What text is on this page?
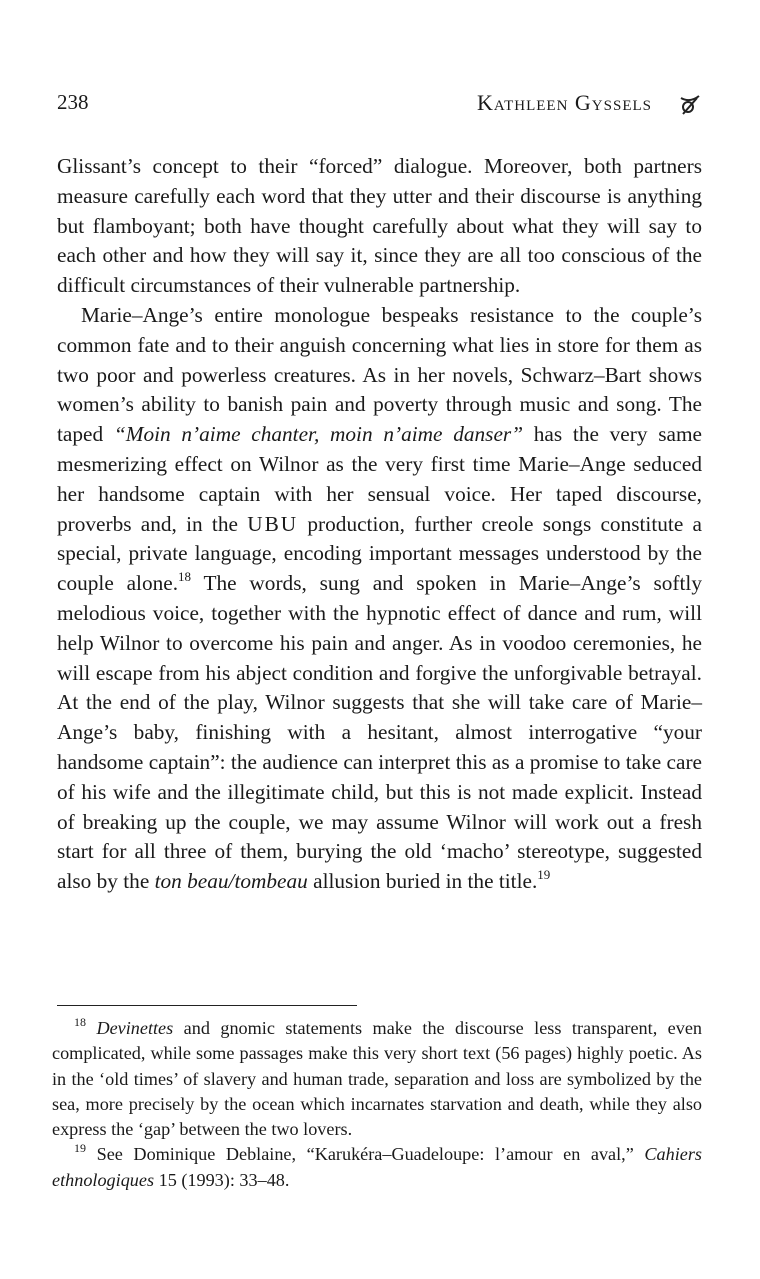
238	Kathleen Gyssels

Glissant’s concept to their “forced” dialogue. Moreover, both partners measure carefully each word that they utter and their discourse is anything but flamboyant; both have thought carefully about what they will say to each other and how they will say it, since they are all too conscious of the difficult circumstances of their vulnerable partnership.

Marie–Ange’s entire monologue bespeaks resistance to the couple’s common fate and to their anguish concerning what lies in store for them as two poor and powerless creatures. As in her novels, Schwarz–Bart shows women’s ability to banish pain and poverty through music and song. The taped “Moin n’aime chanter, moin n’aime danser” has the very same mesmerizing effect on Wilnor as the very first time Marie–Ange seduced her handsome captain with her sensual voice. Her taped discourse, proverbs and, in the UBU production, further creole songs constitute a special, private language, encoding important messages understood by the couple alone.$^{18}$ The words, sung and spoken in Marie–Ange’s softly melodious voice, together with the hypnotic effect of dance and rum, will help Wilnor to overcome his pain and anger. As in voodoo ceremonies, he will escape from his abject condition and forgive the unforgivable betrayal. At the end of the play, Wilnor suggests that she will take care of Marie–Ange’s baby, finishing with a hesitant, almost interrogative “your handsome captain”: the audience can interpret this as a promise to take care of his wife and the illegitimate child, but this is not made explicit. Instead of breaking up the couple, we may assume Wilnor will work out a fresh start for all three of them, burying the old ‘macho’ stereotype, suggested also by the ton beau/tombeau allusion buried in the title.$^{19}$

$^{18}$ Devinettes and gnomic statements make the discourse less transparent, even complicated, while some passages make this very short text (56 pages) highly poetic. As in the ‘old times’ of slavery and human trade, separation and loss are symbolized by the sea, more precisely by the ocean which incarnates starvation and death, while they also express the ‘gap’ between the two lovers.

$^{19}$ See Dominique Deblaine, “Karukéra–Guadeloupe: l’amour en aval,” Cahiers ethnologiques 15 (1993): 33–48.
